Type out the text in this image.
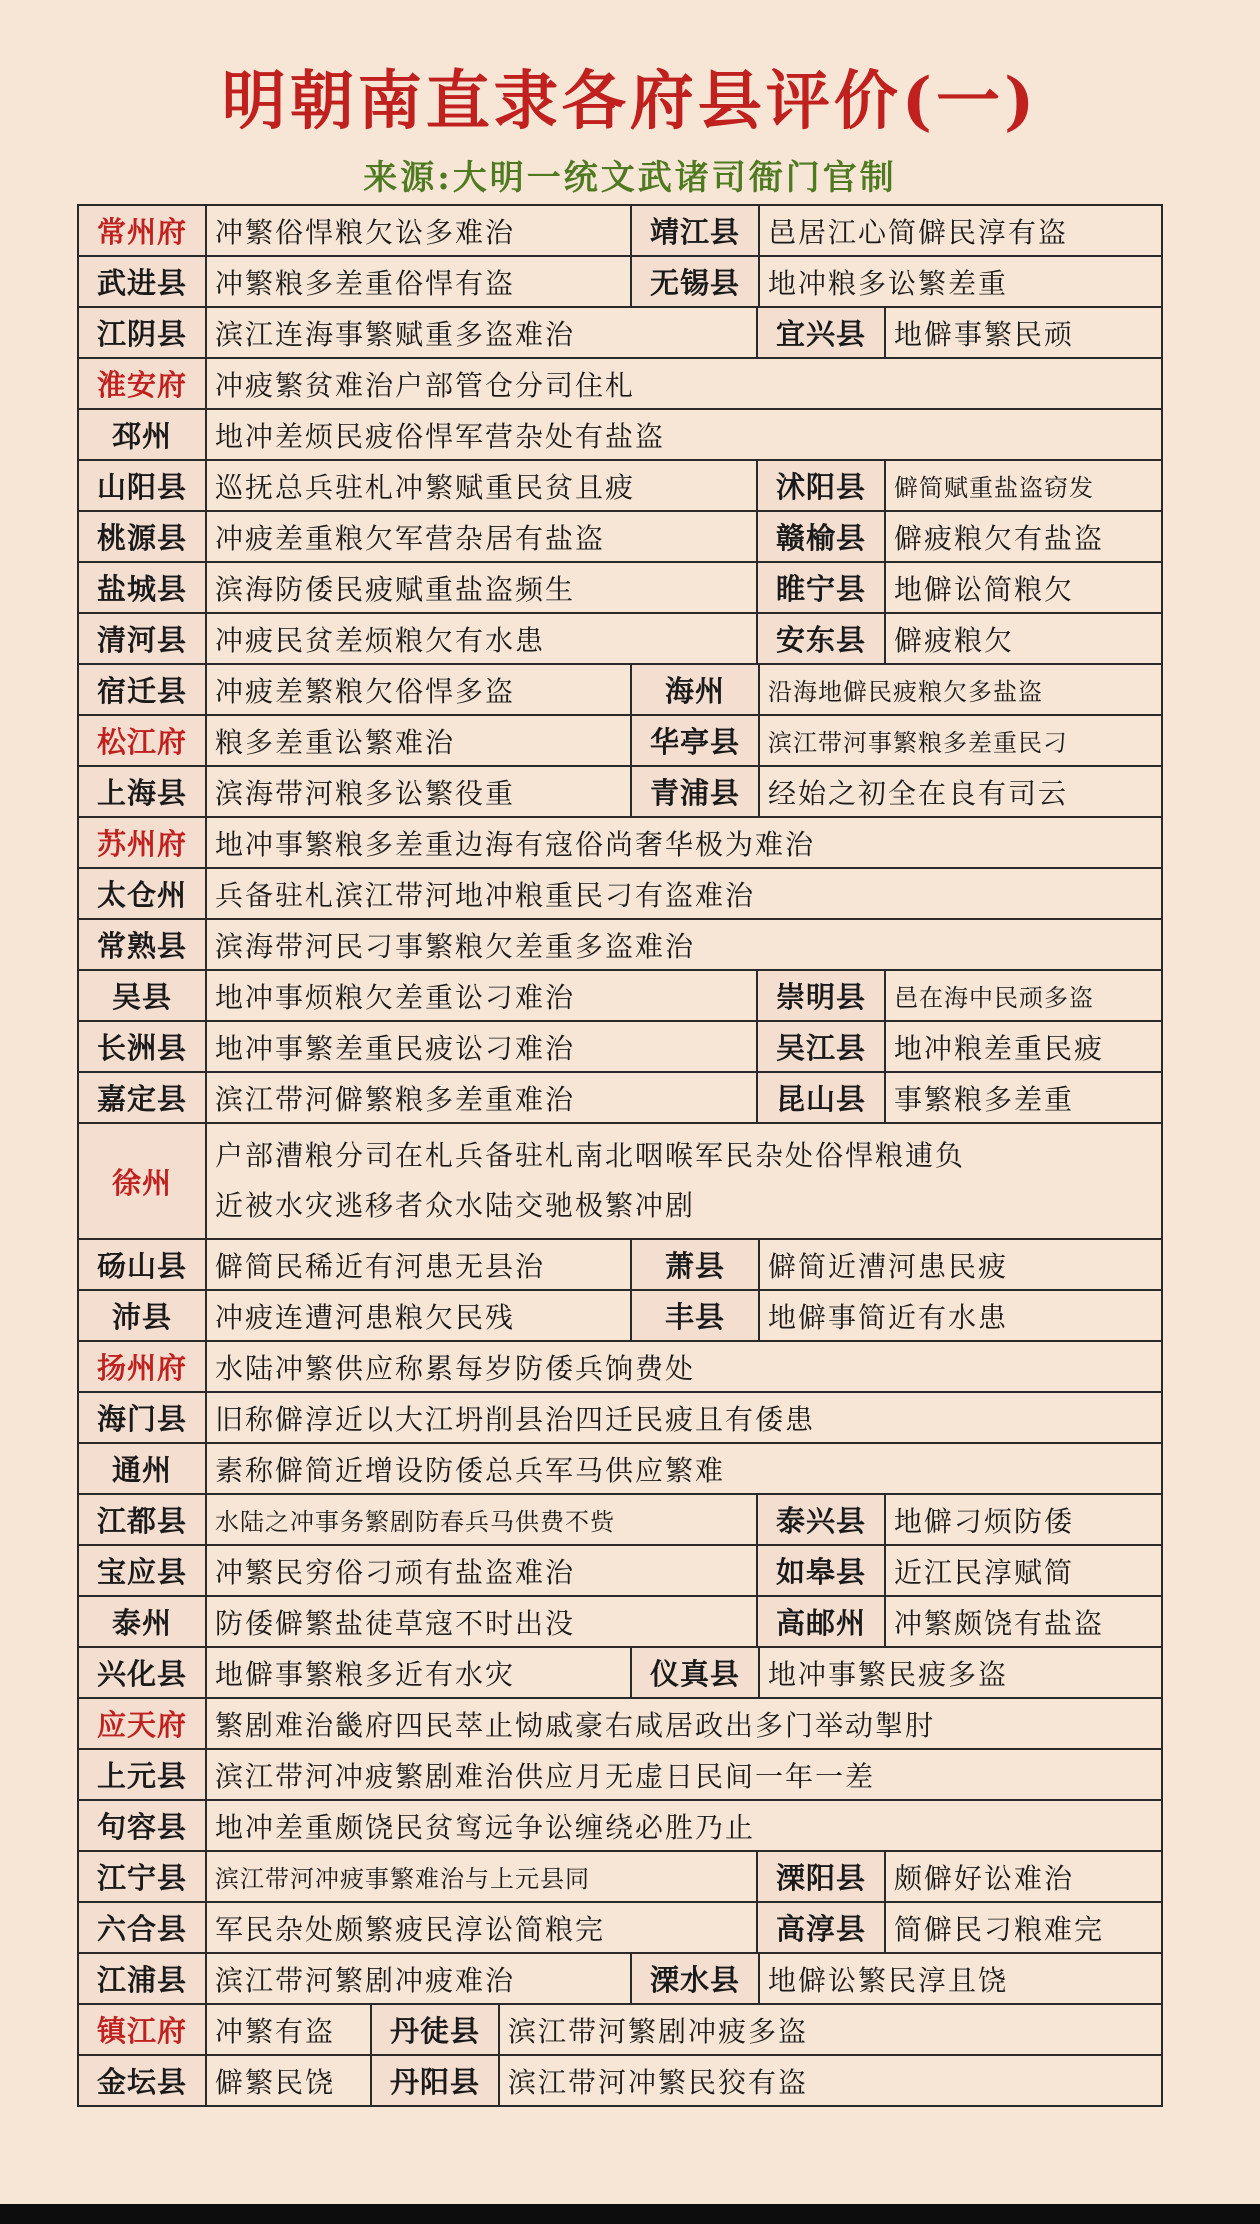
明朝南直隶各府县评价(一)
来源:大明一统文武诸司衙门官制
常州府	冲繁俗悍粮欠讼多难治	靖江县	邑居江心简僻民淳有盗
武进县	冲繁粮多差重俗悍有盗	无锡县	地冲粮多讼繁差重
江阴县	滨江连海事繁赋重多盗难治	宜兴县	地僻事繁民顽
淮安府	冲疲繁贫难治户部管仓分司住札
邳州	地冲差烦民疲俗悍军营杂处有盐盗
山阳县	巡抚总兵驻札冲繁赋重民贫且疲	沭阳县	僻简赋重盐盗窃发
桃源县	冲疲差重粮欠军营杂居有盐盗	赣榆县	僻疲粮欠有盐盗
盐城县	滨海防倭民疲赋重盐盗频生	睢宁县	地僻讼简粮欠
清河县	冲疲民贫差烦粮欠有水患	安东县	僻疲粮欠
宿迁县	冲疲差繁粮欠俗悍多盗	海州	沿海地僻民疲粮欠多盐盗
松江府	粮多差重讼繁难治	华亭县	滨江带河事繁粮多差重民刁
上海县	滨海带河粮多讼繁役重	青浦县	经始之初全在良有司云
苏州府	地冲事繁粮多差重边海有寇俗尚奢华极为难治
太仓州	兵备驻札滨江带河地冲粮重民刁有盗难治
常熟县	滨海带河民刁事繁粮欠差重多盗难治
吴县	地冲事烦粮欠差重讼刁难治	崇明县	邑在海中民顽多盗
长洲县	地冲事繁差重民疲讼刁难治	吴江县	地冲粮差重民疲
嘉定县	滨江带河僻繁粮多差重难治	昆山县	事繁粮多差重
徐州
户部漕粮分司在札兵备驻札南北咽喉军民杂处俗悍粮逋负
近被水灾逃移者众水陆交驰极繁冲剧
砀山县	僻简民稀近有河患无县治	萧县	僻简近漕河患民疲
沛县	冲疲连遭河患粮欠民残	丰县	地僻事简近有水患
扬州府	水陆冲繁供应称累每岁防倭兵饷费处
海门县	旧称僻淳近以大江坍削县治四迁民疲且有倭患
通州	素称僻简近增设防倭总兵军马供应繁难
江都县	水陆之冲事务繁剧防春兵马供费不赀	泰兴县	地僻刁烦防倭
宝应县	冲繁民穷俗刁顽有盐盗难治	如皋县	近江民淳赋简
泰州	防倭僻繁盐徒草寇不时出没	高邮州	冲繁颇饶有盐盗
兴化县	地僻事繁粮多近有水灾	仪真县	地冲事繁民疲多盗
应天府	繁剧难治畿府四民萃止恸戚豪右咸居政出多门举动掣肘
上元县	滨江带河冲疲繁剧难治供应月无虚日民间一年一差
句容县	地冲差重颇饶民贫窎远争讼缠绕必胜乃止
江宁县	滨江带河冲疲事繁难治与上元县同	溧阳县	颇僻好讼难治
六合县	军民杂处颇繁疲民淳讼简粮完	高淳县	简僻民刁粮难完
江浦县	滨江带河繁剧冲疲难治	溧水县	地僻讼繁民淳且饶
镇江府	冲繁有盗	丹徒县	滨江带河繁剧冲疲多盗
金坛县	僻繁民饶	丹阳县	滨江带河冲繁民狡有盗
